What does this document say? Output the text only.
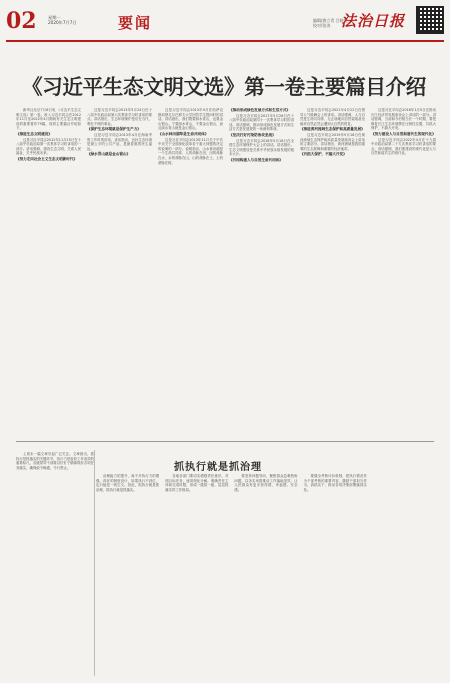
02	星期一
2020年7月7日	要闻	编辑/唐立青 吕晓亮
校对/张涛 法治日报
《习近平生态文明文选》第一卷主要篇目介绍

新华社北京7月6日电 《习近平生态文明文选》第一卷，收入习近平同志在2012年11月至2022年4月期间有关生态文明建设的重要著作79篇，现将主要篇目介绍如下。

《推进生态文明建设》

这是习近平同志2012年11月15日在十八届中央政治局第一次集体学习时讲话的一部分。讲话强调，建设生态文明，关系人民福祉，关乎民族未来。

《努力走向社会主义生态文明新时代》

这是习近平同志2013年5月24日在十八届中央政治局第六次集体学习时讲话的要点。讲话指出，生态环境保护是功在当代、利在千秋的事业。

《保护生态环境就是保护生产力》

这是习近平同志2013年4月在海南考察工作时的讲话。讲话指出，良好生态环境是最公平的公共产品，是最普惠的民生福祉。

《绿水青山就是金山银山》

这是习近平同志2013年9月在哈萨克斯坦纳扎尔巴耶夫大学回答学生提问时的讲话。讲话指出，我们既要绿水青山，也要金山银山。宁要绿水青山，不要金山银山，而且绿水青山就是金山银山。

《山水林田湖草是生命共同体》

这是习近平同志2013年11月关于中共中央关于全面深化改革若干重大问题的决定的说明的一部分。说明指出，山水林田湖是一个生命共同体，人的命脉在田，田的命脉在水，水的命脉在山，山的命脉在土，土的命脉在树。

《推动形成绿色发展方式和生活方式》

这是习近平同志2017年5月26日在十八届中央政治局第四十一次集体学习时的讲话。讲话强调，推动形成绿色发展方式和生活方式是发展观的一场深刻革命。

《坚决打好污染防治攻坚战》

这是习近平同志2018年5月18日在全国生态环境保护大会上的讲话。讲话指出，生态文明建设是关系中华民族永续发展的根本大计。

《共同构建人与自然生命共同体》

这是习近平同志2021年4月22日在领导人气候峰会上的讲话。讲话强调，人与自然是生命共同体，无止境地向自然索取甚至破坏自然必然会遭到大自然的报复。

《推进黄河流域生态保护和高质量发展》

这是习近平同志2019年9月18日在黄河流域生态保护和高质量发展座谈会上讲话的主要部分。讲话指出，黄河流域是我国重要的生态屏障和重要的经济地带。

《共抓大保护，不搞大开发》

这是习近平同志2016年1月5日在推动长江经济带发展座谈会上讲话的一部分。讲话强调，当前和今后相当长一个时期，要把修复长江生态环境摆在压倒性位置，共抓大保护，不搞大开发。

《努力建设人与自然和谐共生的现代化》

这是习近平同志2022年4月在十九届中央政治局第二十九次集体学习时讲话的要点。讲话强调，我们要建设的现代化是人与自然和谐共生的现代化。

上周末一篇文章引起广泛关注。文章指出，抓执行是抓落实的关键环节，执行力是检验工作成效的重要标尺。各级领导干部要以钉钉子精神抓好各项任务落实，确保政令畅通、令行禁止。	抓执行就是抓治理

治理能力的提升，离不开执行力的增强。再好的制度设计，如果执行不到位，也只能是一纸空文。因此，抓执行就是抓治理，抓执行就是抓落实。

各地各部门要切实增强责任意识，对照目标任务，逐项细化分解，明确责任主体和完成时限，形成一级抓一级、层层抓落实的工作格局。

要坚持问题导向，聚焦群众急难愁盼问题，以务实举措推动工作落地见效，让人民群众有更多获得感、幸福感、安全感。

要健全考核评价机制，把执行情况作为干部考核的重要内容，激励干部担当作为，真抓实干，推动各项决策部署落到实处。
